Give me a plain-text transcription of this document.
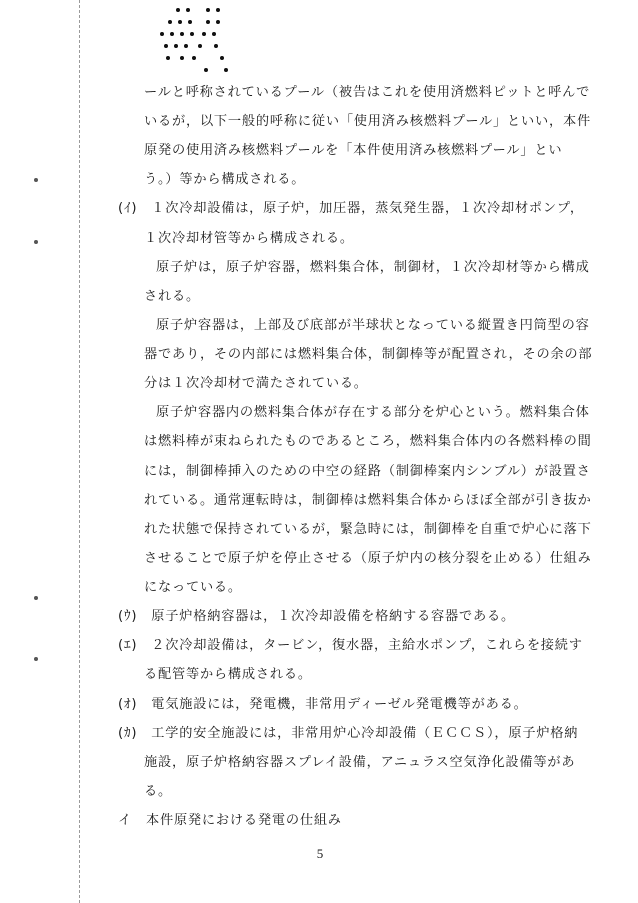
ールと呼称されているプール（被告はこれを使用済燃料ピットと呼んで
いるが，以下一般的呼称に従い「使用済み核燃料プール」といい，本件
原発の使用済み核燃料プールを「本件使用済み核燃料プール」とい
う。）等から構成される。
(ｲ)　１次冷却設備は，原子炉，加圧器，蒸気発生器，１次冷却材ポンプ，
１次冷却材管等から構成される。
原子炉は，原子炉容器，燃料集合体，制御材，１次冷却材等から構成
される。
原子炉容器は，上部及び底部が半球状となっている縦置き円筒型の容
器であり，その内部には燃料集合体，制御棒等が配置され，その余の部
分は１次冷却材で満たされている。
原子炉容器内の燃料集合体が存在する部分を炉心という。燃料集合体
は燃料棒が束ねられたものであるところ，燃料集合体内の各燃料棒の間
には，制御棒挿入のための中空の経路（制御棒案内シンブル）が設置さ
れている。通常運転時は，制御棒は燃料集合体からほぼ全部が引き抜か
れた状態で保持されているが，緊急時には，制御棒を自重で炉心に落下
させることで原子炉を停止させる（原子炉内の核分裂を止める）仕組み
になっている。
(ｳ)　原子炉格納容器は，１次冷却設備を格納する容器である。
(ｴ)　２次冷却設備は，タービン，復水器，主給水ポンプ，これらを接続す
る配管等から構成される。
(ｵ)　電気施設には，発電機，非常用ディーゼル発電機等がある。
(ｶ)　工学的安全施設には，非常用炉心冷却設備（ＥＣＣＳ），原子炉格納
施設，原子炉格納容器スプレイ設備，アニュラス空気浄化設備等があ
る。
イ　本件原発における発電の仕組み
5
